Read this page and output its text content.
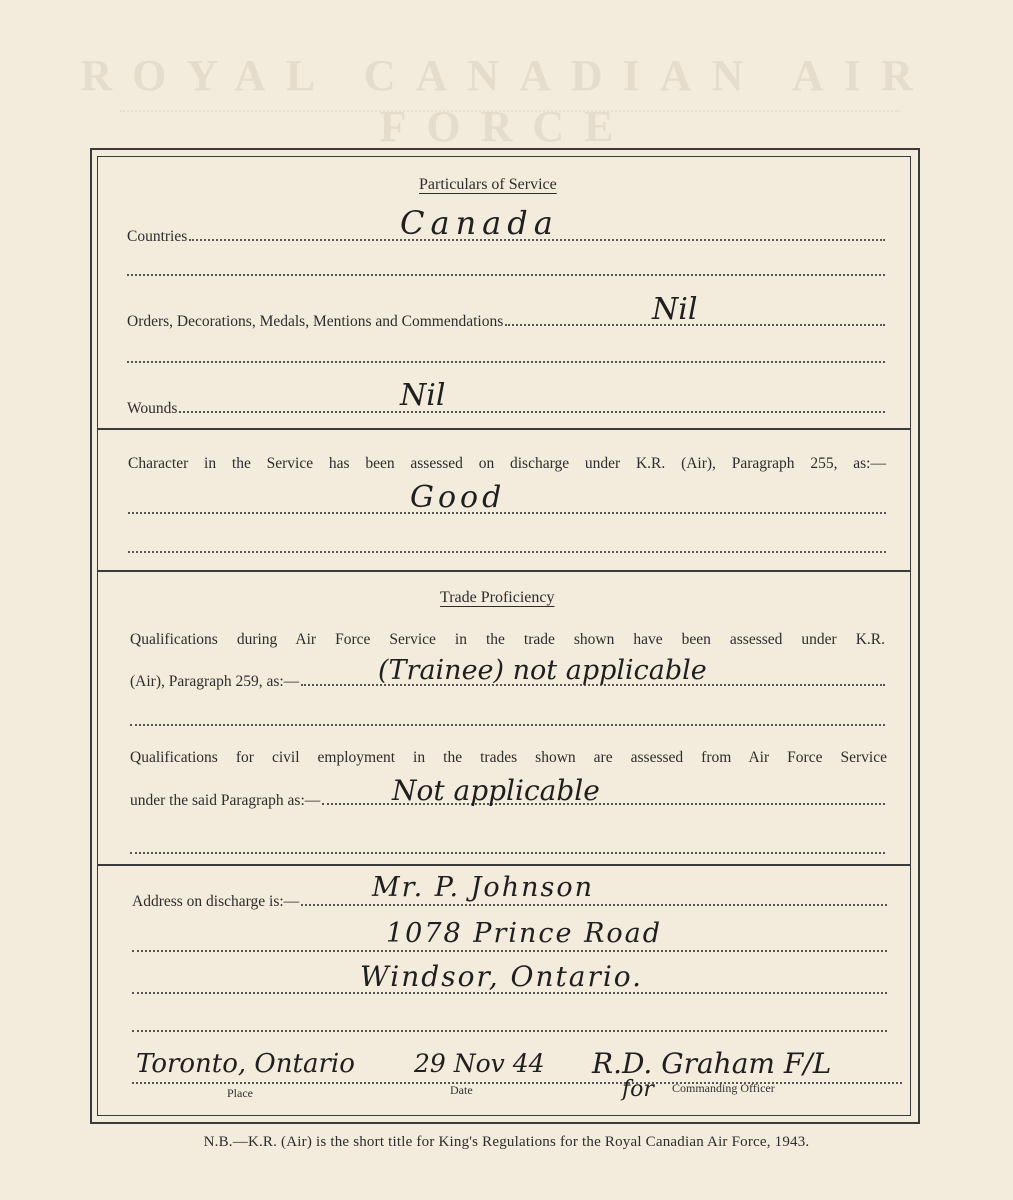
ROYAL CANADIAN AIR FORCE
Particulars of Service
Countries	Canada
Orders, Decorations, Medals, Mentions and Commendations	Nil
Wounds	Nil
Character in the Service has been assessed on discharge under K.R. (Air), Paragraph 255, as:—
Good
Trade Proficiency
Qualifications during Air Force Service in the trade shown have been assessed under K.R.
(Air), Paragraph 259, as:—	(Trainee) not applicable
Qualifications for civil employment in the trades shown are assessed from Air Force Service
under the said Paragraph as:—	Not applicable
Address on discharge is:—	Mr. P. Johnson
1078 Prince Road
Windsor, Ontario.
Toronto, Ontario 29 Nov 44 R.D. Graham F/L
for
Place	Date	Commanding Officer
N.B.—K.R. (Air) is the short title for King's Regulations for the Royal Canadian Air Force, 1943.
